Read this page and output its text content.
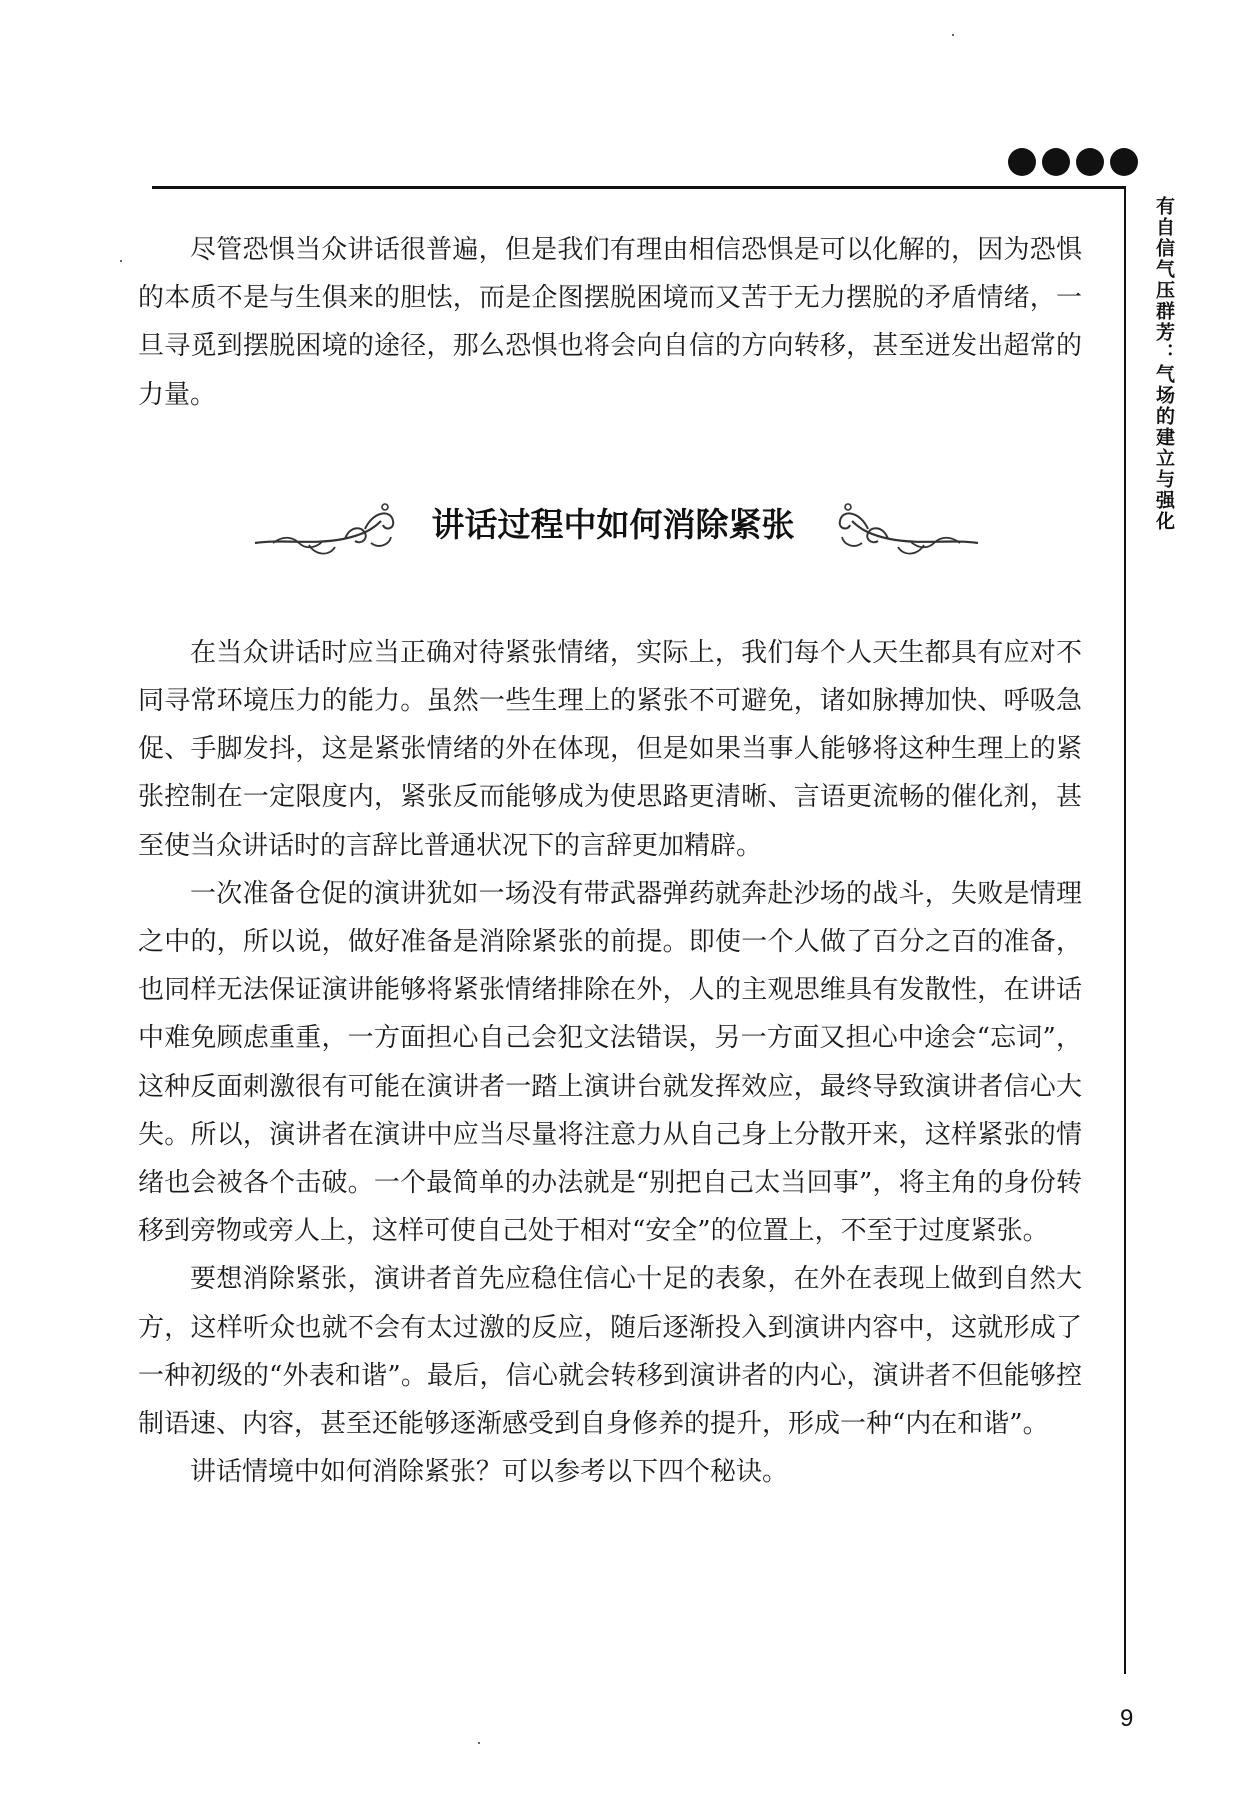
有自信气压群芳：气场的建立与强化

尽管恐惧当众讲话很普遍，但是我们有理由相信恐惧是可以化解的，因为恐惧的本质不是与生俱来的胆怯，而是企图摆脱困境而又苦于无力摆脱的矛盾情绪，一旦寻觅到摆脱困境的途径，那么恐惧也将会向自信的方向转移，甚至迸发出超常的力量。

讲话过程中如何消除紧张

在当众讲话时应当正确对待紧张情绪，实际上，我们每个人天生都具有应对不同寻常环境压力的能力。虽然一些生理上的紧张不可避免，诸如脉搏加快、呼吸急促、手脚发抖，这是紧张情绪的外在体现，但是如果当事人能够将这种生理上的紧张控制在一定限度内，紧张反而能够成为使思路更清晰、言语更流畅的催化剂，甚至使当众讲话时的言辞比普通状况下的言辞更加精辟。

一次准备仓促的演讲犹如一场没有带武器弹药就奔赴沙场的战斗，失败是情理之中的，所以说，做好准备是消除紧张的前提。即使一个人做了百分之百的准备，也同样无法保证演讲能够将紧张情绪排除在外，人的主观思维具有发散性，在讲话中难免顾虑重重，一方面担心自己会犯文法错误，另一方面又担心中途会“忘词”，这种反面刺激很有可能在演讲者一踏上演讲台就发挥效应，最终导致演讲者信心大失。所以，演讲者在演讲中应当尽量将注意力从自己身上分散开来，这样紧张的情绪也会被各个击破。一个最简单的办法就是“别把自己太当回事”，将主角的身份转移到旁物或旁人上，这样可使自己处于相对“安全”的位置上，不至于过度紧张。

要想消除紧张，演讲者首先应稳住信心十足的表象，在外在表现上做到自然大方，这样听众也就不会有太过激的反应，随后逐渐投入到演讲内容中，这就形成了一种初级的“外表和谐”。最后，信心就会转移到演讲者的内心，演讲者不但能够控制语速、内容，甚至还能够逐渐感受到自身修养的提升，形成一种“内在和谐”。

讲话情境中如何消除紧张？可以参考以下四个秘诀。

9
